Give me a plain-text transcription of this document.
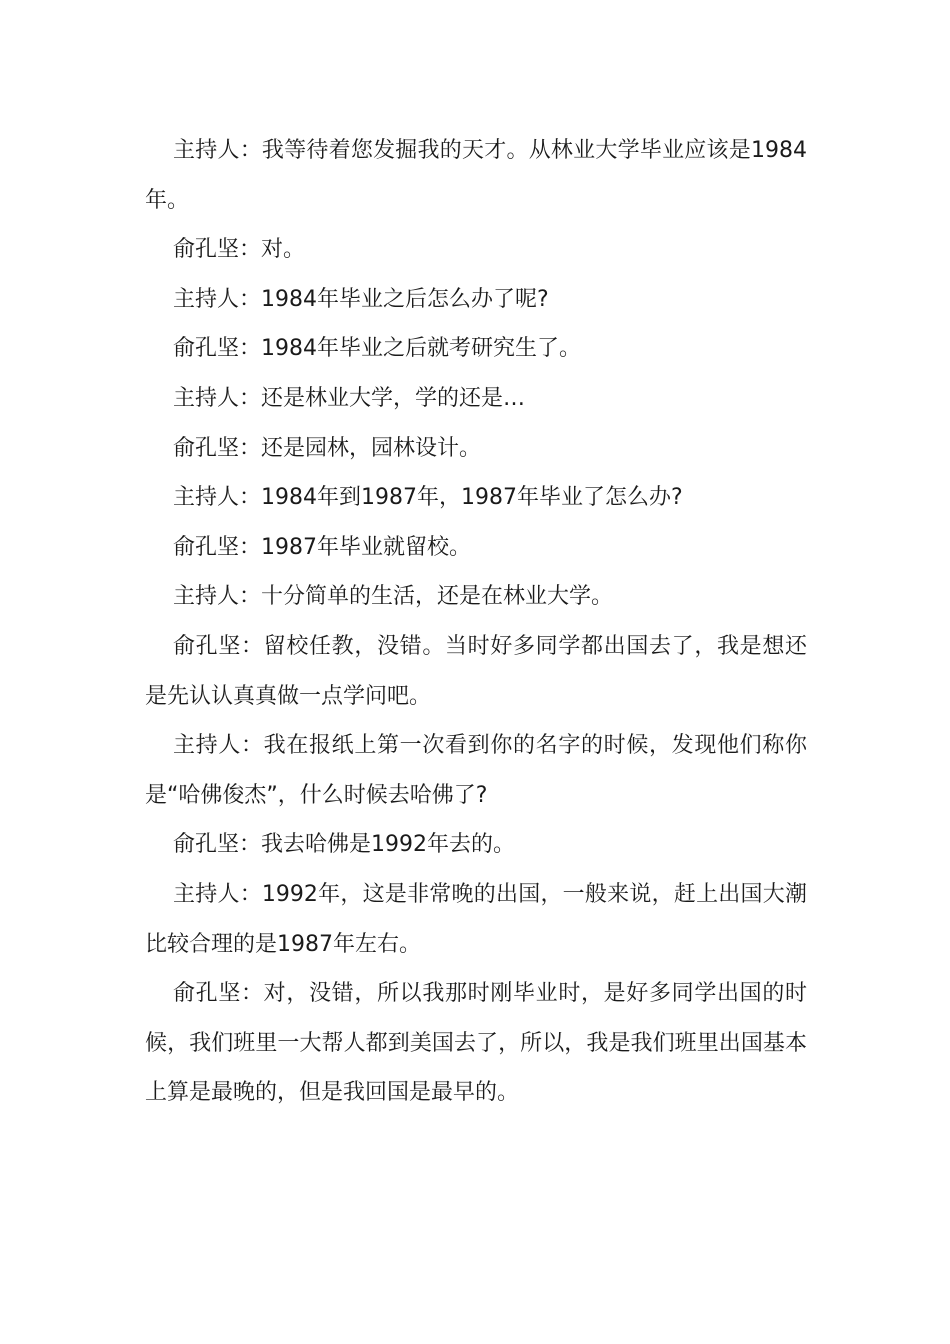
主持人：我等待着您发掘我的天才。从林业大学毕业应该是1984年。

俞孔坚：对。

主持人：1984年毕业之后怎么办了呢?

俞孔坚：1984年毕业之后就考研究生了。

主持人：还是林业大学，学的还是…

俞孔坚：还是园林，园林设计。

主持人：1984年到1987年，1987年毕业了怎么办?

俞孔坚：1987年毕业就留校。

主持人：十分简单的生活，还是在林业大学。

俞孔坚：留校任教，没错。当时好多同学都出国去了，我是想还是先认认真真做一点学问吧。

主持人：我在报纸上第一次看到你的名字的时候，发现他们称你是“哈佛俊杰”，什么时候去哈佛了?

俞孔坚：我去哈佛是1992年去的。

主持人：1992年，这是非常晚的出国，一般来说，赶上出国大潮比较合理的是1987年左右。

俞孔坚：对，没错，所以我那时刚毕业时，是好多同学出国的时候，我们班里一大帮人都到美国去了，所以，我是我们班里出国基本上算是最晚的，但是我回国是最早的。
